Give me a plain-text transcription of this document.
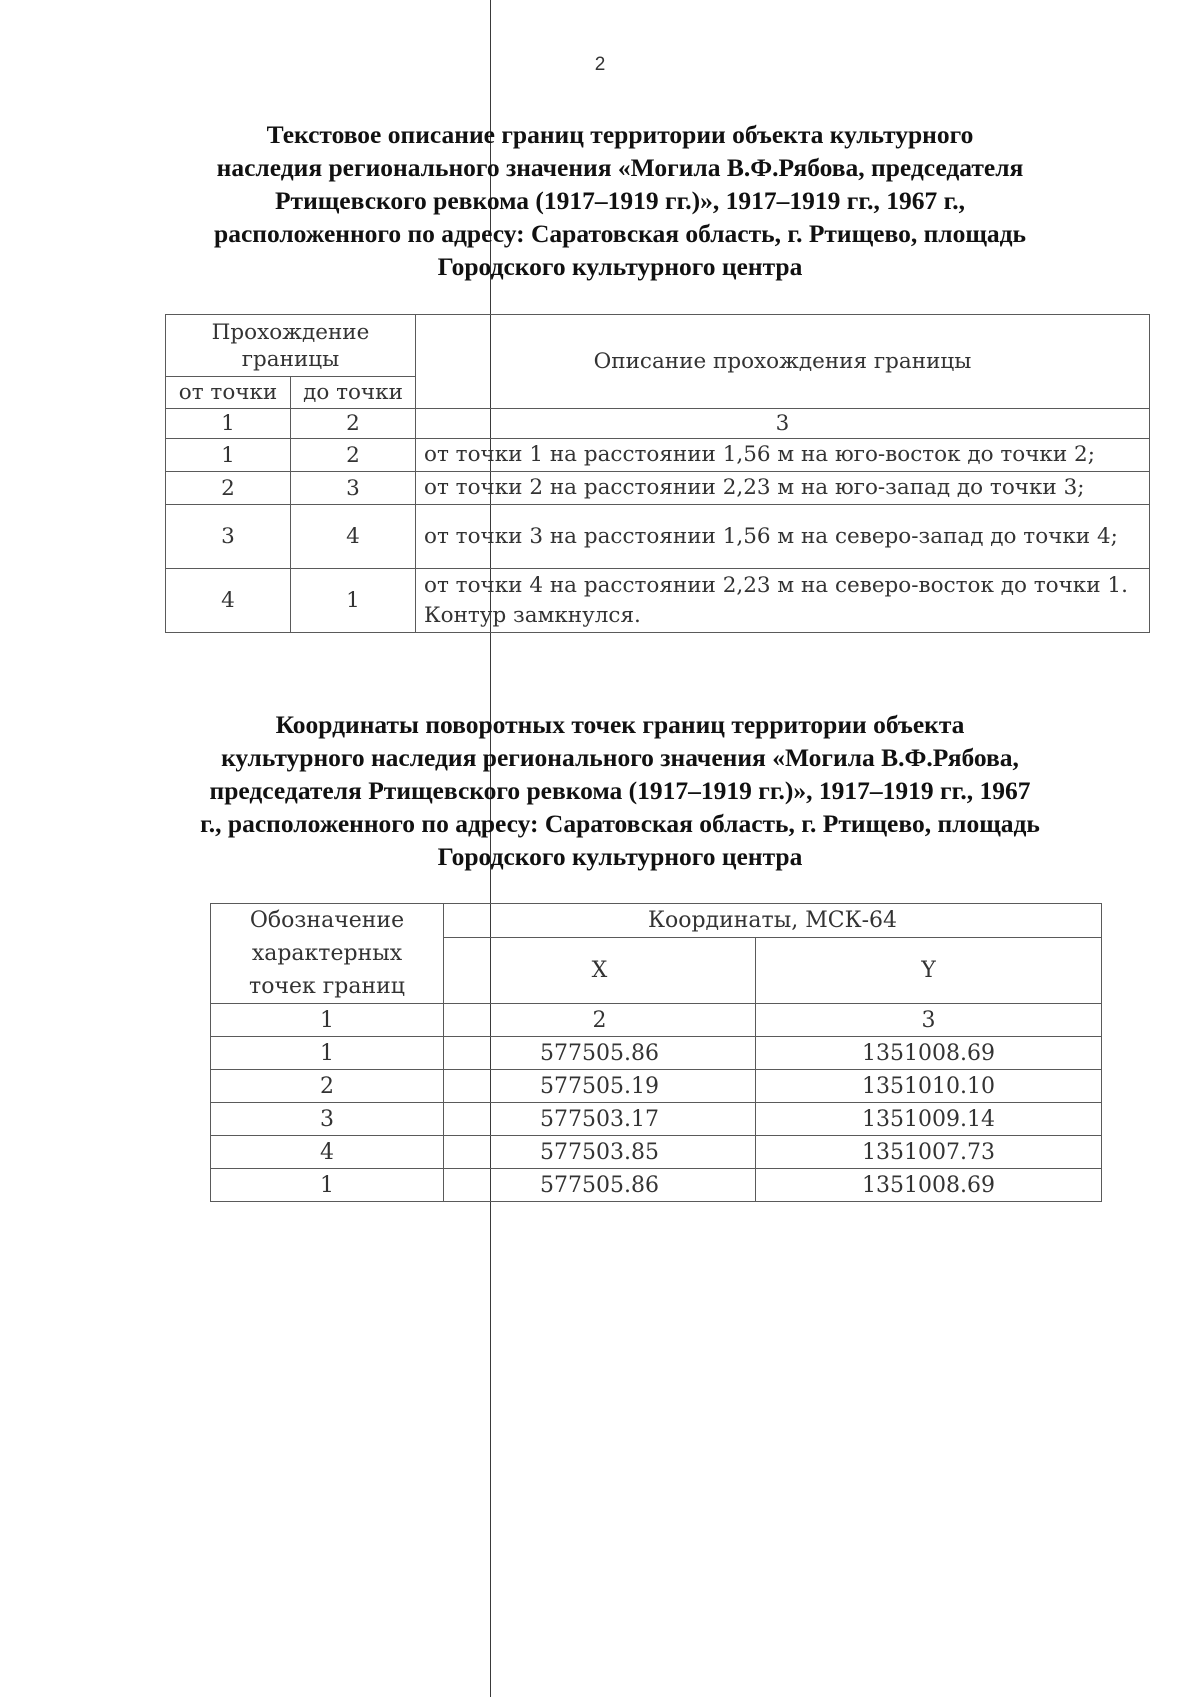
2
Текстовое описание границ территории объекта культурного
наследия регионального значения «Могила В.Ф.Рябова, председателя
Ртищевского ревкома (1917–1919 гг.)», 1917–1919 гг., 1967 г.,
расположенного по адресу: Саратовская область, г. Ртищево, площадь
Городского культурного центра
Прохождение
границы		Описание прохождения границы
от точки	до точки	
1	2	3
1	2	от точки 1 на расстоянии 1,56 м на юго-восток до точки 2;
2	3	от точки 2 на расстоянии 2,23 м на юго-запад до точки 3;
3	4	от точки 3 на расстоянии 1,56 м на северо-запад до точки 4;
4	1	от точки 4 на расстоянии 2,23 м на северо-восток до точки 1. Контур замкнулся.
Координаты поворотных точек границ территории объекта
культурного наследия регионального значения «Могила В.Ф.Рябова,
председателя Ртищевского ревкома (1917–1919 гг.)», 1917–1919 гг., 1967
г., расположенного по адресу: Саратовская область, г. Ртищево, площадь
Городского культурного центра
Обозначение
характерных
точек границ	Координаты, МСК-64	
	X	Y
1	2	3
1	577505.86	1351008.69
2	577505.19	1351010.10
3	577503.17	1351009.14
4	577503.85	1351007.73
1	577505.86	1351008.69
